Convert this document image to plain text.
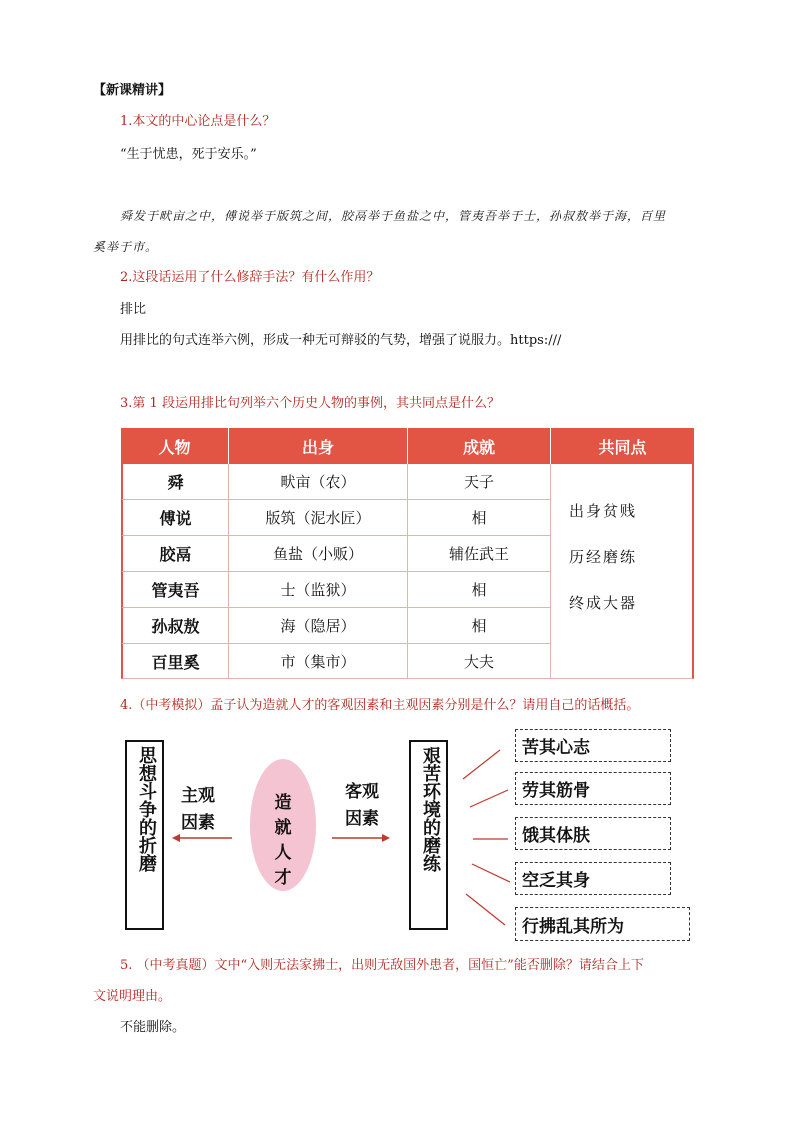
【新课精讲】
1.本文的中心论点是什么？
“生于忧患，死于安乐。”
舜发于畎亩之中，傅说举于版筑之间，胶鬲举于鱼盐之中，管夷吾举于士，孙叔敖举于海，百里
奚举于市。
2.这段话运用了什么修辞手法？有什么作用？
排比
用排比的句式连举六例，形成一种无可辩驳的气势，增强了说服力。https:///
3.第 1 段运用排比句列举六个历史人物的事例，其共同点是什么？
人物	出身	成就	共同点
舜	畎亩（农）	天子
傅说	版筑（泥水匠）	相
胶鬲	鱼盐（小贩）	辅佐武王
管夷吾	士（监狱）	相
孙叔敖	海（隐居）	相
百里奚	市（集市）	大夫
出身贫贱
历经磨练
终成大器
4.（中考模拟）孟子认为造就人才的客观因素和主观因素分别是什么？请用自己的话概括。
思想斗争的折磨	主观因素
造就人才
客观因素	艰苦环境的磨练	苦其心志
劳其筋骨
饿其体肤
空乏其身
行拂乱其所为
5. （中考真题）文中“入则无法家拂士，出则无敌国外患者，国恒亡”能否删除？请结合上下
文说明理由。
不能删除。
